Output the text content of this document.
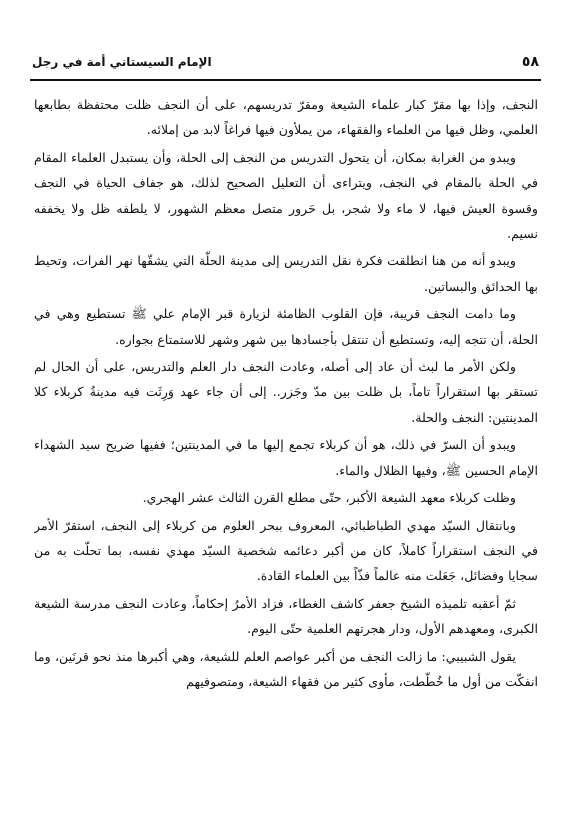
٥٨
الإمام السيستاني أمة في رجل

النجف، وإذا بها مقرّ كبار علماء الشيعة ومقرّ تدريسهم، على أن النجف ظلت محتفظة بطابعها العلمي، وظل فيها من العلماء والفقهاء، من يملأون فيها فراغاً لابد من إملائه.

ويبدو من الغرابة بمكان، أن يتحول التدريس من النجف إلى الحلة، وأن يستبدل العلماء المقام في الحلة بالمقام في النجف، ويتراءى أن التعليل الصحيح لذلك، هو جفاف الحياة في النجف وقسوة العيش فيها، لا ماء ولا شجر، بل حَرور متصل معظم الشهور، لا يلطفه ظل ولا يخففه نسيم.

ويبدو أنه من هنا انطلقت فكرة نقل التدريس إلى مدينة الحلّة التي يشقّها نهر الفرات، وتحيط بها الحدائق والبساتين.

وما دامت النجف قريبة، فإن القلوب الظامئة لزيارة قبر الإمام علي ﷺ تستطيع وهي في الحلة، أن تتجه إليه، وتستطيع أن تنتقل بأجسادها بين شهر وشهر للاستمتاع بجواره.

ولكن الأمر ما لبث أن عاد إلى أصله، وعادت النجف دار العلم والتدريس، على أن الحال لم تستقر بها استقراراً تاماً، بل ظلت بين مدّ وجَزر.. إلى أن جاء عهد وَرِثَت فيه مدينةُ كربلاء كلا المدينتين: النجف والحلة.

ويبدو أن السرّ في ذلك، هو أن كربلاء تجمع إليها ما في المدينتين؛ ففيها ضريح سيد الشهداء الإمام الحسين ﷺ، وفيها الظلال والماء.

وظلت كربلاء معهد الشيعة الأكبر، حتّى مطلع القرن الثالث عشر الهجري.

وبانتقال السيّد مهدي الطباطبائي، المعروف ببحر العلوم من كربلاء إلى النجف، استقرّ الأمر في النجف استقراراً كاملاً، كان من أكبر دعائمه شخصية السيّد مهدي نفسه، بما تحلّت به من سجايا وفضائل، جَعَلت منه عالماً فذّاً بين العلماء القادة.

ثمّ أعقبه تلميذه الشيخ جعفر كاشف الغطاء، فزاد الأمرُ إحكاماً، وعادت النجف مدرسة الشيعة الكبرى، ومعهدهم الأول، ودار هجرتهم العلمية حتّى اليوم.

يقول الشبيبي: ما زالت النجف من أكبر عواصم العلم للشيعة، وهي أكبرها منذ نحو قرنَين، وما انفكّت من أول ما خُطّطت، مأوى كثير من فقهاء الشيعة، ومتصوفيهم
